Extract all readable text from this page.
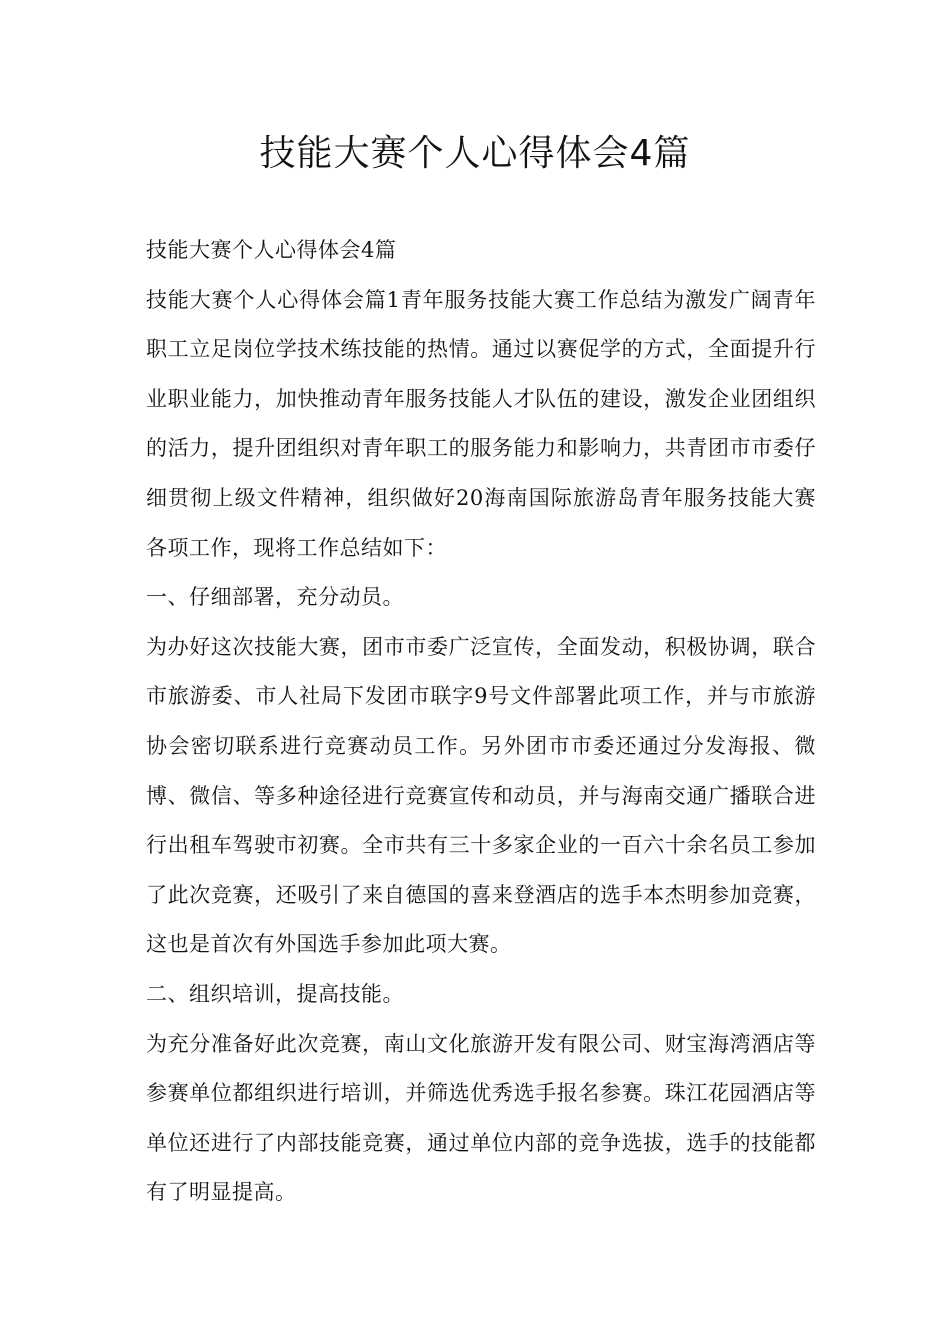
技能大赛个人心得体会4篇

技能大赛个人心得体会4篇

技能大赛个人心得体会篇1青年服务技能大赛工作总结为激发广阔青年职工立足岗位学技术练技能的热情。通过以赛促学的方式，全面提升行业职业能力，加快推动青年服务技能人才队伍的建设，激发企业团组织的活力，提升团组织对青年职工的服务能力和影响力，共青团市市委仔细贯彻上级文件精神，组织做好20海南国际旅游岛青年服务技能大赛各项工作，现将工作总结如下：

一、仔细部署，充分动员。

为办好这次技能大赛，团市市委广泛宣传，全面发动，积极协调，联合市旅游委、市人社局下发团市联字9号文件部署此项工作，并与市旅游协会密切联系进行竞赛动员工作。另外团市市委还通过分发海报、微博、微信、等多种途径进行竞赛宣传和动员，并与海南交通广播联合进行出租车驾驶市初赛。全市共有三十多家企业的一百六十余名员工参加了此次竞赛，还吸引了来自德国的喜来登酒店的选手本杰明参加竞赛，这也是首次有外国选手参加此项大赛。

二、组织培训，提高技能。

为充分准备好此次竞赛，南山文化旅游开发有限公司、财宝海湾酒店等参赛单位都组织进行培训，并筛选优秀选手报名参赛。珠江花园酒店等单位还进行了内部技能竞赛，通过单位内部的竞争选拔，选手的技能都有了明显提高。
